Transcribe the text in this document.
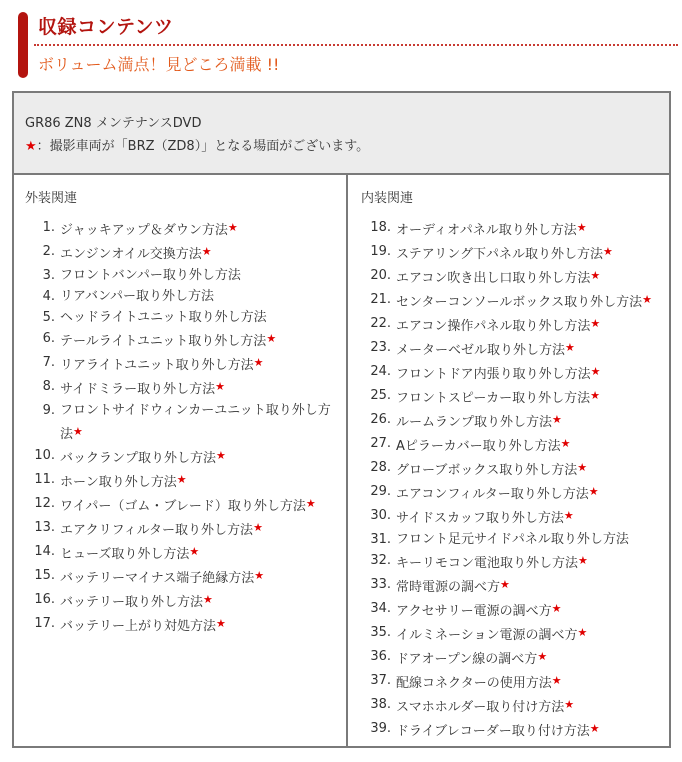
収録コンテンツ
ボリューム満点！見どころ満載 !!
GR86 ZN8 メンテナンスDVD
★：撮影車両が「BRZ（ZD8）」となる場面がございます。
外装関連
1. ジャッキアップ＆ダウン方法★
2. エンジンオイル交換方法★
3. フロントバンパー取り外し方法
4. リアバンパー取り外し方法
5. ヘッドライトユニット取り外し方法
6. テールライトユニット取り外し方法★
7. リアライトユニット取り外し方法★
8. サイドミラー取り外し方法★
9. フロントサイドウィンカーユニット取り外し方法★
10. バックランプ取り外し方法★
11. ホーン取り外し方法★
12. ワイパー（ゴム・ブレード）取り外し方法★
13. エアクリフィルター取り外し方法★
14. ヒューズ取り外し方法★
15. バッテリーマイナス端子絶縁方法★
16. バッテリー取り外し方法★
17. バッテリー上がり対処方法★
内装関連
18. オーディオパネル取り外し方法★
19. ステアリング下パネル取り外し方法★
20. エアコン吹き出し口取り外し方法★
21. センターコンソールボックス取り外し方法★
22. エアコン操作パネル取り外し方法★
23. メーターベゼル取り外し方法★
24. フロントドア内張り取り外し方法★
25. フロントスピーカー取り外し方法★
26. ルームランプ取り外し方法★
27. Aピラーカバー取り外し方法★
28. グローブボックス取り外し方法★
29. エアコンフィルター取り外し方法★
30. サイドスカッフ取り外し方法★
31. フロント足元サイドパネル取り外し方法
32. キーリモコン電池取り外し方法★
33. 常時電源の調べ方★
34. アクセサリー電源の調べ方★
35. イルミネーション電源の調べ方★
36. ドアオープン線の調べ方★
37. 配線コネクターの使用方法★
38. スマホホルダー取り付け方法★
39. ドライブレコーダー取り付け方法★
